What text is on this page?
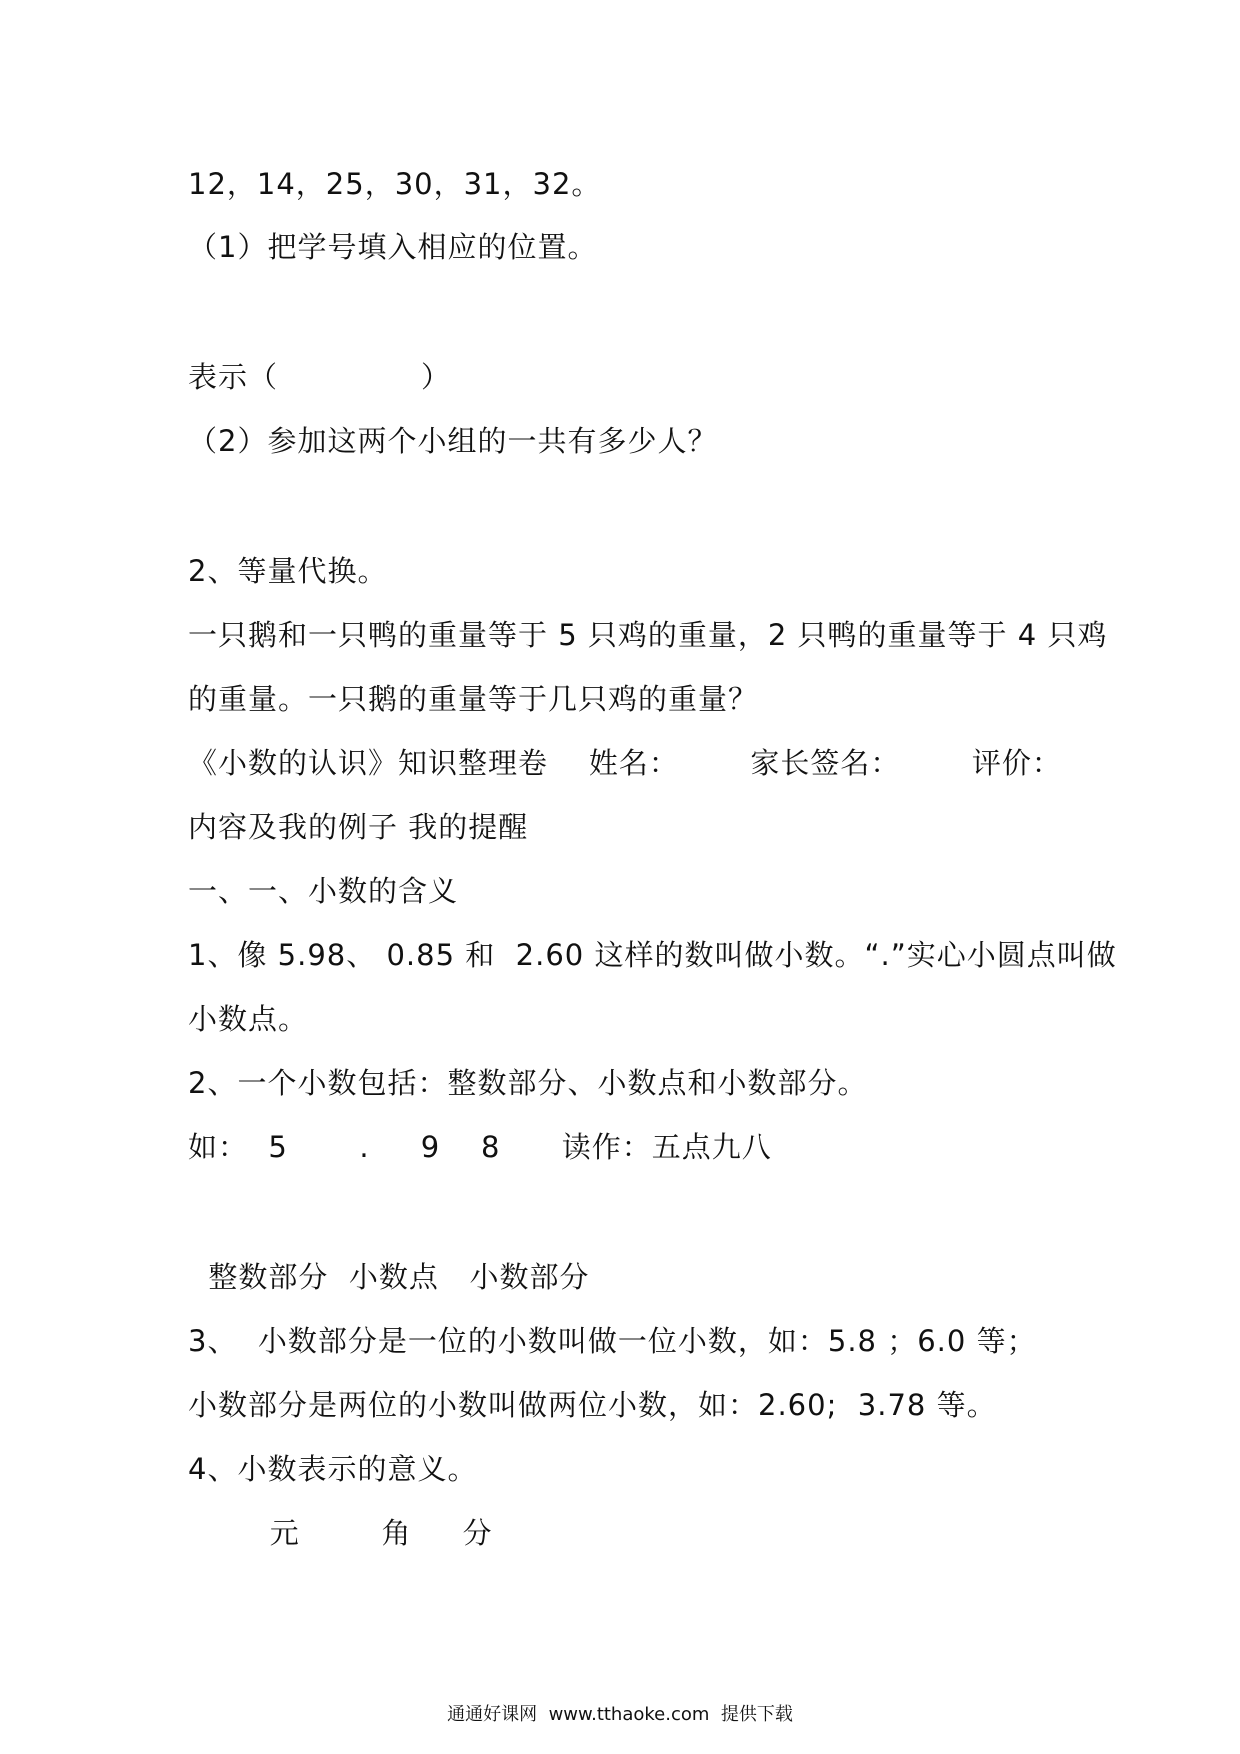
12，14，25，30，31，32。
（1）把学号填入相应的位置。
表示（              ）
（2）参加这两个小组的一共有多少人？
2、等量代换。
一只鹅和一只鸭的重量等于 5 只鸡的重量，2 只鸭的重量等于 4 只鸡
的重量。一只鹅的重量等于几只鸡的重量？
《小数的认识》知识整理卷    姓名：       家长签名：       评价：
内容及我的例子 我的提醒
一、一、小数的含义
1、像 5.98、 0.85 和  2.60 这样的数叫做小数。“.”实心小圆点叫做
小数点。
2、一个小数包括：整数部分、小数点和小数部分。
如：  5       .     9    8      读作：五点九八
整数部分  小数点   小数部分
3、  小数部分是一位的小数叫做一位小数，如：5.8 ；6.0 等；
小数部分是两位的小数叫做两位小数，如：2.60;  3.78 等。
4、小数表示的意义。
元        角     分
通通好课网  www.tthaoke.com  提供下载
